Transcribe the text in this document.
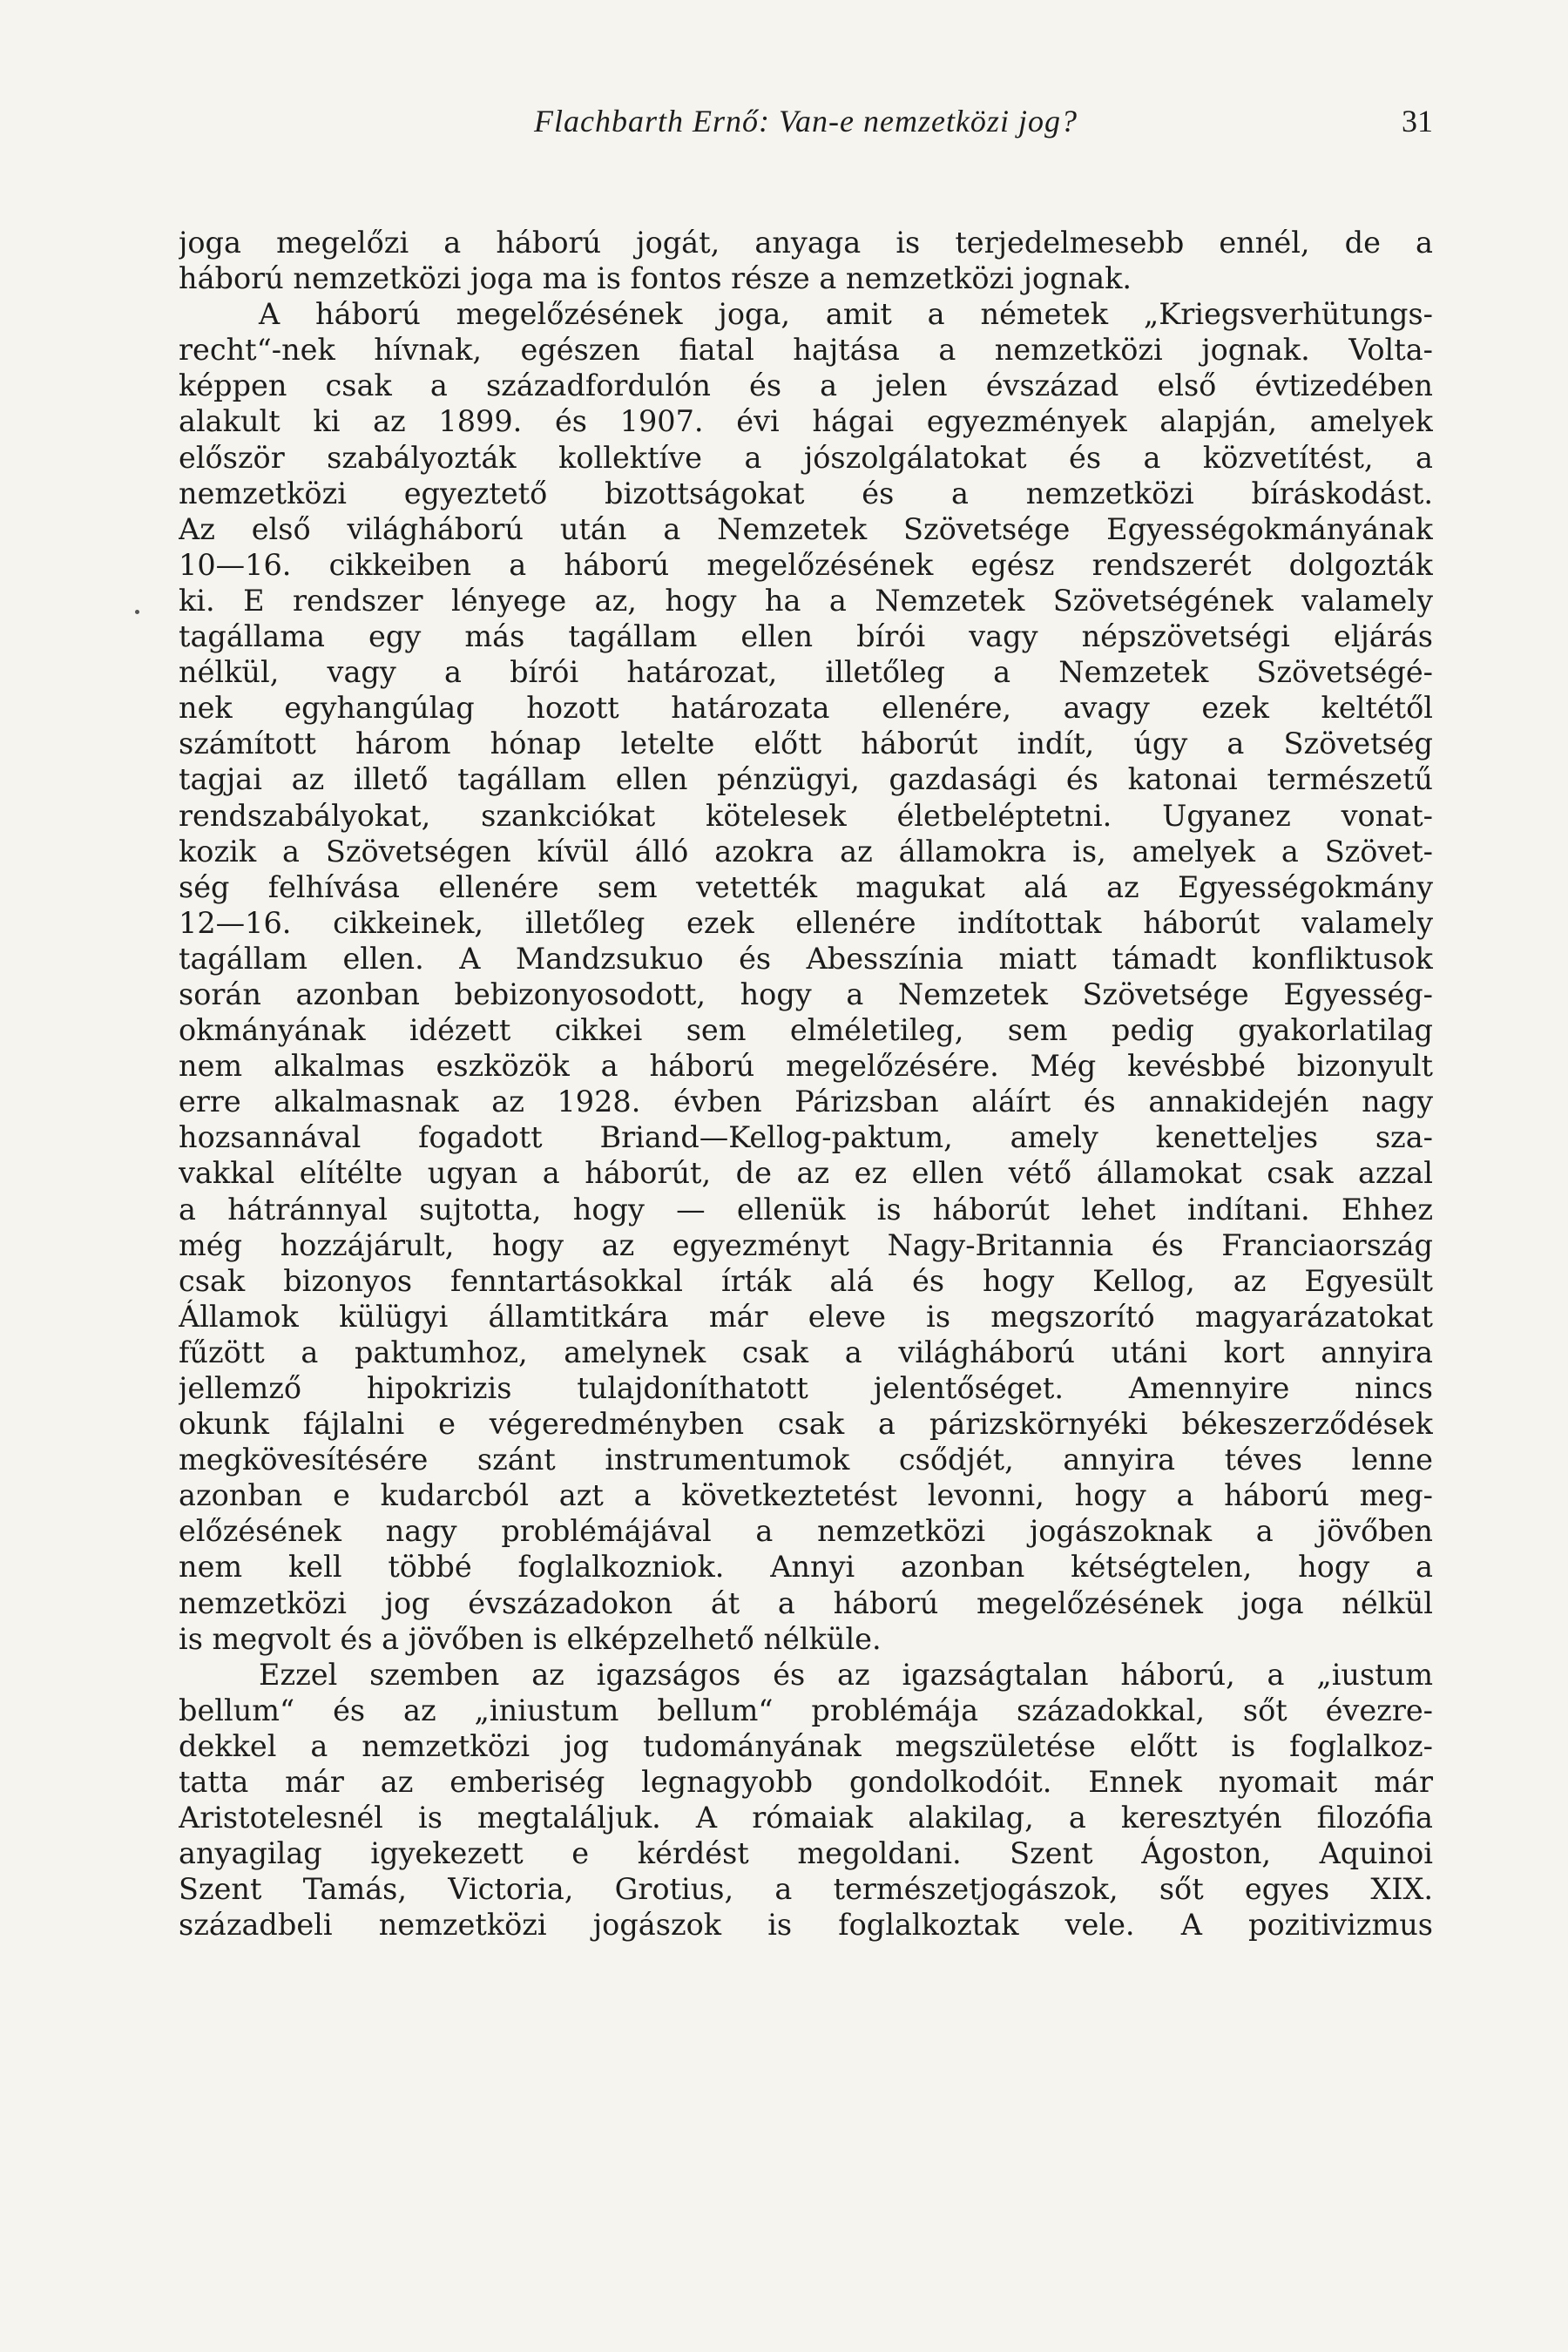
Flachbarth Ernő: Van-e nemzetközi jog?	31
joga megelőzi a háború jogát, anyaga is terjedelmesebb ennél, de a
háború nemzetközi joga ma is fontos része a nemzetközi jognak.
A háború megelőzésének joga, amit a németek „Kriegsverhütungs-
recht“-nek hívnak, egészen fiatal hajtása a nemzetközi jognak. Volta-
képpen csak a századfordulón és a jelen évszázad első évtizedében
alakult ki az 1899. és 1907. évi hágai egyezmények alapján, amelyek
először szabályozták kollektíve a jószolgálatokat és a közvetítést, a
nemzetközi egyeztető bizottságokat és a nemzetközi bíráskodást.
Az első világháború után a Nemzetek Szövetsége Egyességokmányának
10—16. cikkeiben a háború megelőzésének egész rendszerét dolgozták
ki. E rendszer lényege az, hogy ha a Nemzetek Szövetségének valamely
tagállama egy más tagállam ellen bírói vagy népszövetségi eljárás
nélkül, vagy a bírói határozat, illetőleg a Nemzetek Szövetségé-
nek egyhangúlag hozott határozata ellenére, avagy ezek keltétől
számított három hónap letelte előtt háborút indít, úgy a Szövetség
tagjai az illető tagállam ellen pénzügyi, gazdasági és katonai természetű
rendszabályokat, szankciókat kötelesek életbeléptetni. Ugyanez vonat-
kozik a Szövetségen kívül álló azokra az államokra is, amelyek a Szövet-
ség felhívása ellenére sem vetették magukat alá az Egyességokmány
12—16. cikkeinek, illetőleg ezek ellenére indítottak háborút valamely
tagállam ellen. A Mandzsukuo és Abesszínia miatt támadt konfliktusok
során azonban bebizonyosodott, hogy a Nemzetek Szövetsége Egyesség-
okmányának idézett cikkei sem elméletileg, sem pedig gyakorlatilag
nem alkalmas eszközök a háború megelőzésére. Még kevésbbé bizonyult
erre alkalmasnak az 1928. évben Párizsban aláírt és annakidején nagy
hozsannával fogadott Briand—Kellog-paktum, amely kenetteljes sza-
vakkal elítélte ugyan a háborút, de az ez ellen vétő államokat csak azzal
a hátránnyal sujtotta, hogy — ellenük is háborút lehet indítani. Ehhez
még hozzájárult, hogy az egyezményt Nagy-Britannia és Franciaország
csak bizonyos fenntartásokkal írták alá és hogy Kellog, az Egyesült
Államok külügyi államtitkára már eleve is megszorító magyarázatokat
fűzött a paktumhoz, amelynek csak a világháború utáni kort annyira
jellemző hipokrizis tulajdoníthatott jelentőséget. Amennyire nincs
okunk fájlalni e végeredményben csak a párizskörnyéki békeszerződések
megkövesítésére szánt instrumentumok csődjét, annyira téves lenne
azonban e kudarcból azt a következtetést levonni, hogy a háború meg-
előzésének nagy problémájával a nemzetközi jogászoknak a jövőben
nem kell többé foglalkozniok. Annyi azonban kétségtelen, hogy a
nemzetközi jog évszázadokon át a háború megelőzésének joga nélkül
is megvolt és a jövőben is elképzelhető nélküle.
Ezzel szemben az igazságos és az igazságtalan háború, a „iustum
bellum“ és az „iniustum bellum“ problémája századokkal, sőt évezre-
dekkel a nemzetközi jog tudományának megszületése előtt is foglalkoz-
tatta már az emberiség legnagyobb gondolkodóit. Ennek nyomait már
Aristotelesnél is megtaláljuk. A rómaiak alakilag, a keresztyén filozófia
anyagilag igyekezett e kérdést megoldani. Szent Ágoston, Aquinoi
Szent Tamás, Victoria, Grotius, a természetjogászok, sőt egyes XIX.
századbeli nemzetközi jogászok is foglalkoztak vele. A pozitivizmus
